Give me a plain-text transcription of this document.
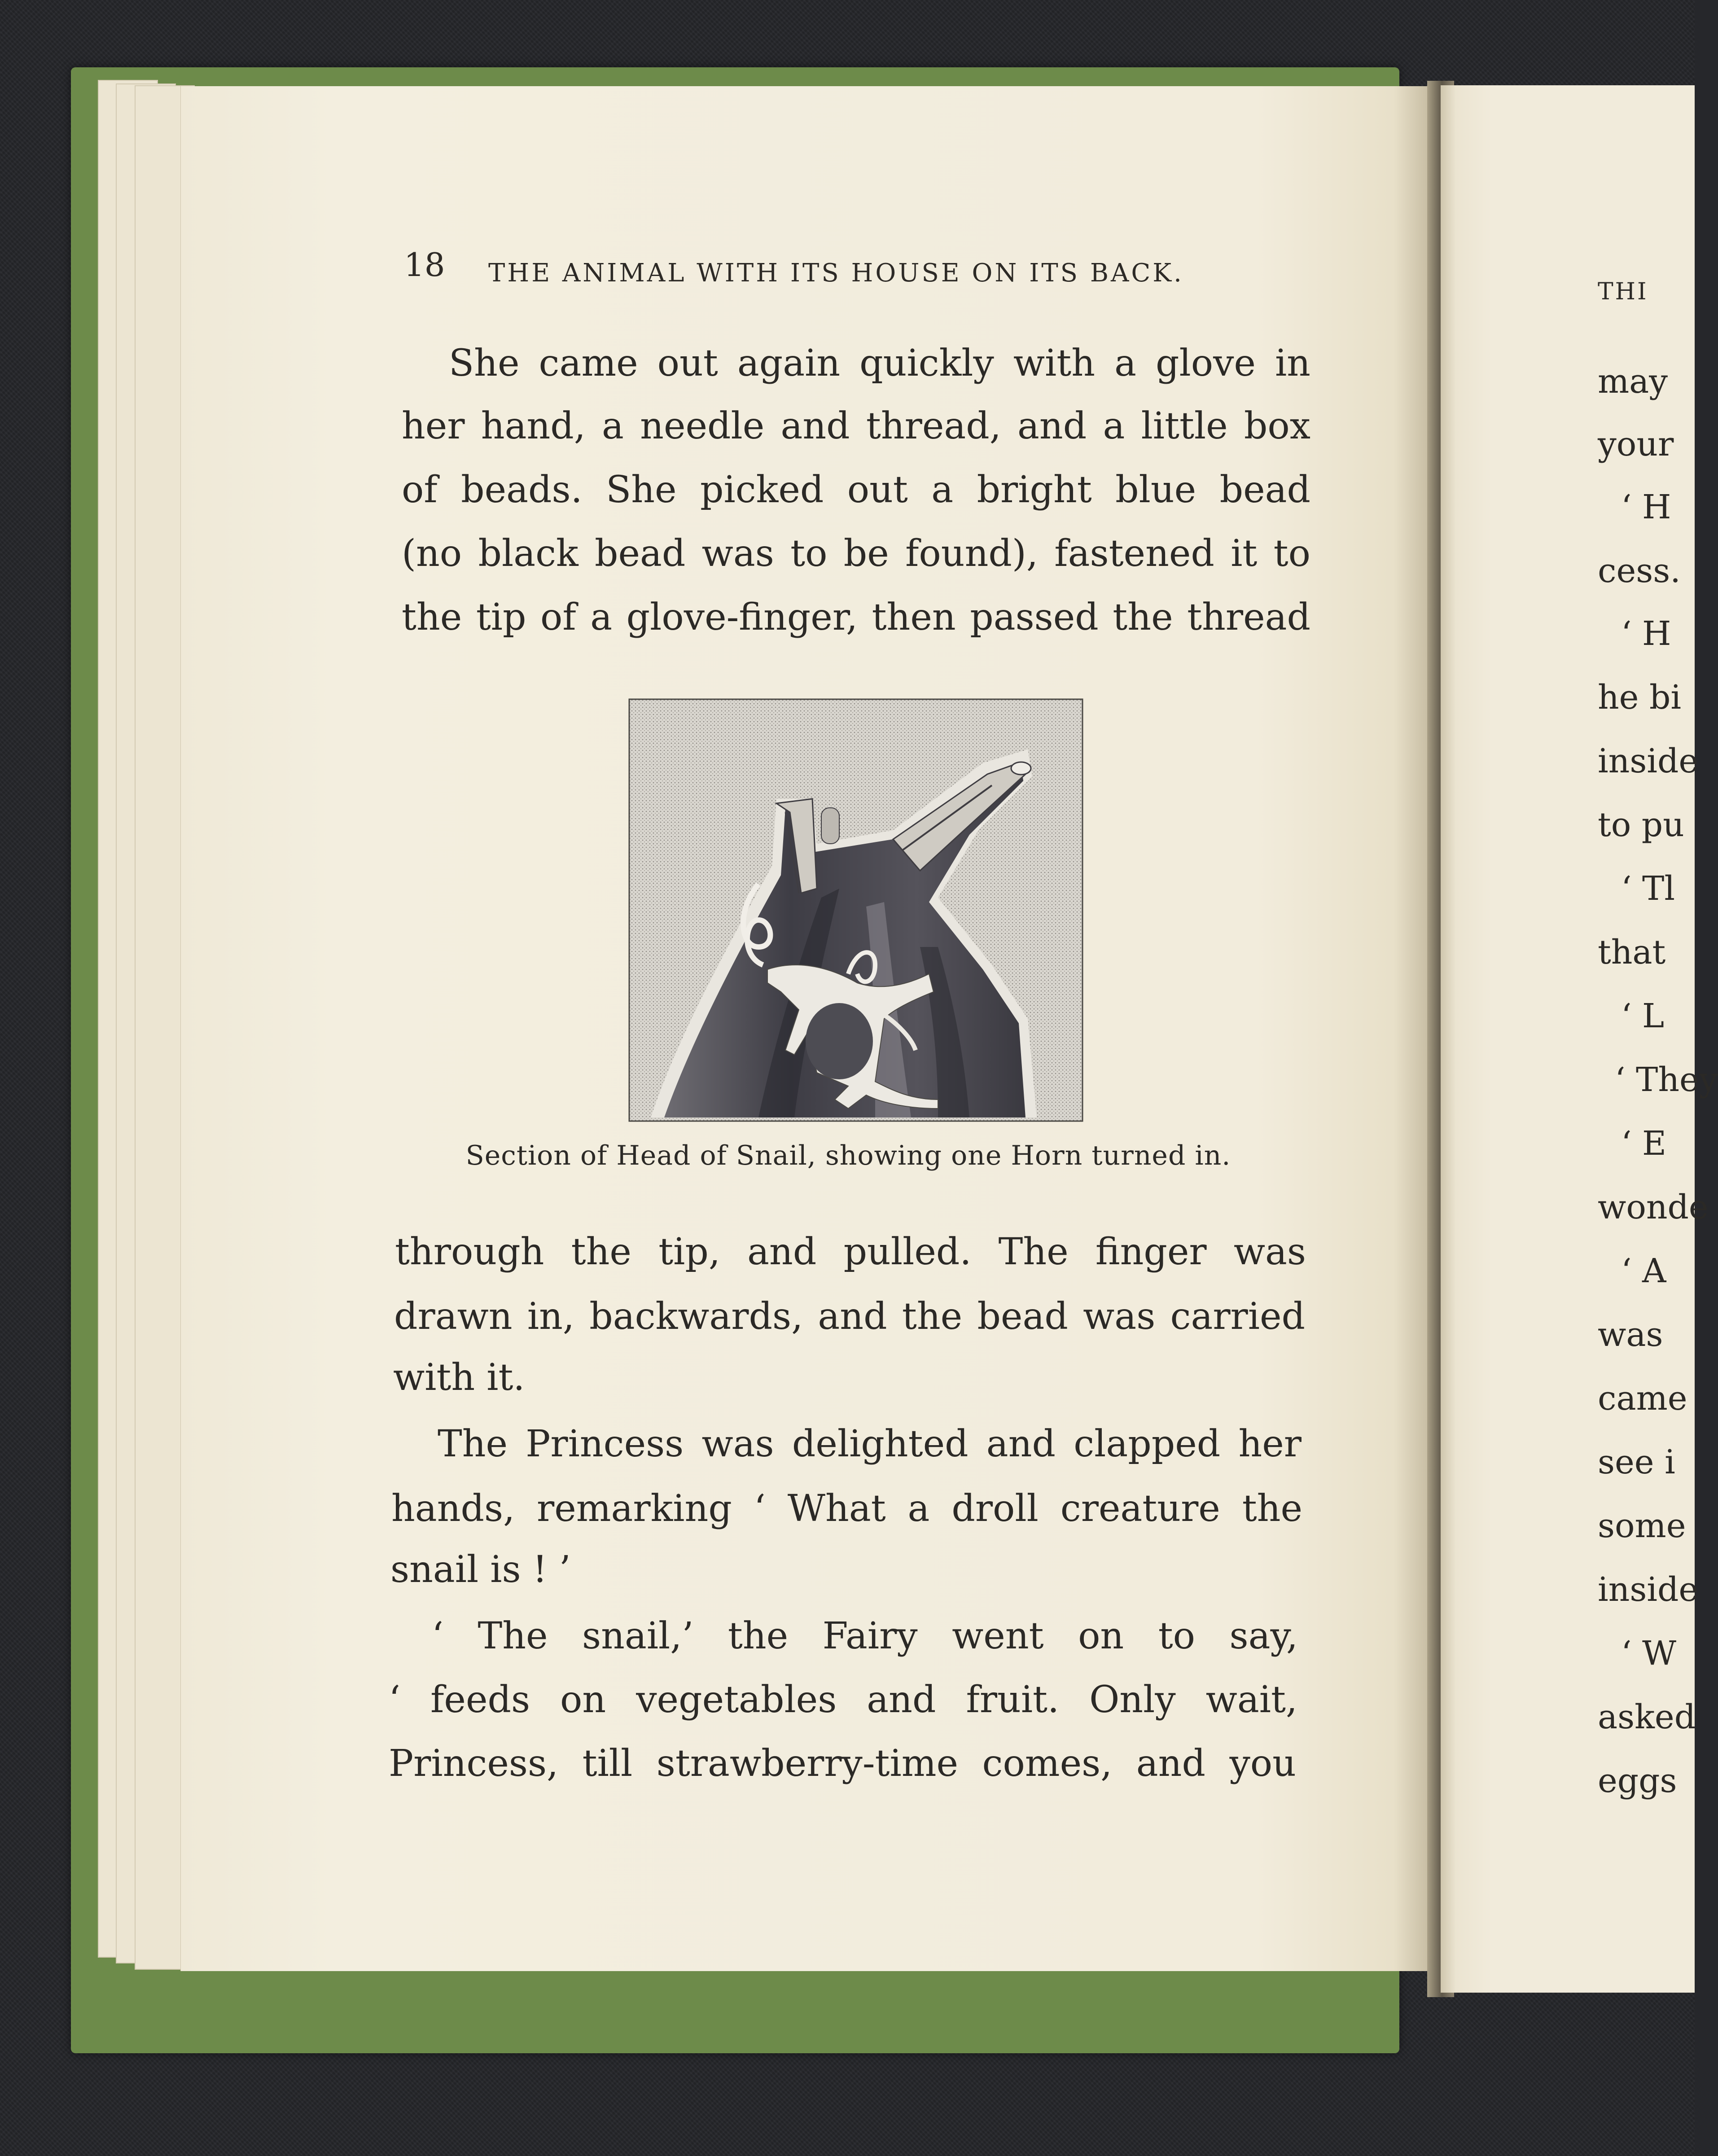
18 THE ANIMAL WITH ITS HOUSE ON ITS BACK.
She came out again quickly with a glove in
her hand, a needle and thread, and a little box
of beads. She picked out a bright blue bead
(no black bead was to be found), fastened it to
the tip of a glove-finger, then passed the thread
Section of Head of Snail, showing one Horn turned in.
through the tip, and pulled. The finger was
drawn in, backwards, and the bead was carried
with it.
The Princess was delighted and clapped her
hands, remarking ‘ What a droll creature the
snail is ! ’
‘ The snail,’ the Fairy went on to say,
‘ feeds on vegetables and fruit. Only wait,
Princess, till strawberry-time comes, and you
THI
may
your
‘ H
cess.
‘ H
he bi
inside
to pu
‘ Tl
that
‘ L
‘ They
‘ E
wonde
‘ A
was
came
see i
some
inside
‘ W
asked
eggs
